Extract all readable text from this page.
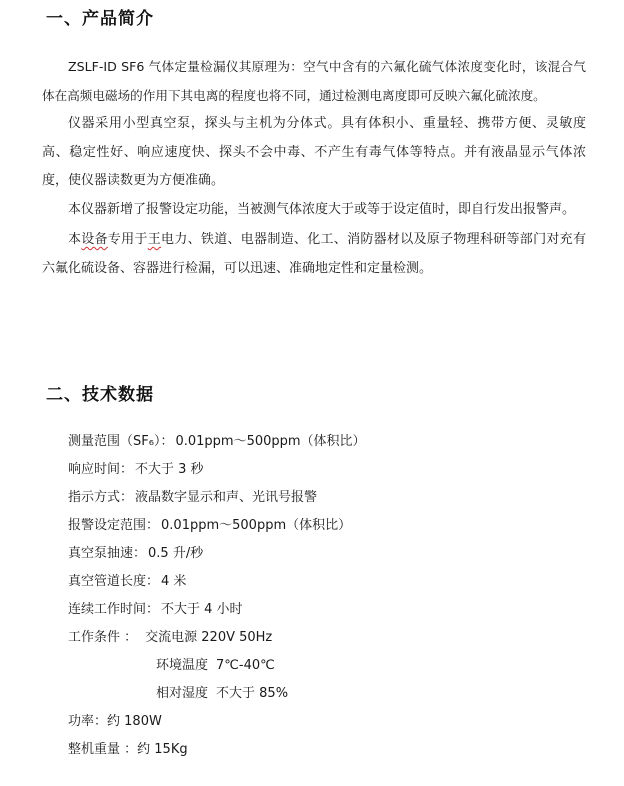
一、产品简介

ZSLF-ID SF6 气体定量检漏仪其原理为：空气中含有的六氟化硫气体浓度变化时，该混合气体在高频电磁场的作用下其电离的程度也将不同，通过检测电离度即可反映六氟化硫浓度。

仪器采用小型真空泵，探头与主机为分体式。具有体积小、重量轻、携带方便、灵敏度高、稳定性好、响应速度快、探头不会中毒、不产生有毒气体等特点。并有液晶显示气体浓度，使仪器读数更为方便准确。

本仪器新增了报警设定功能，当被测气体浓度大于或等于设定值时，即自行发出报警声。

本设备专用于王电力、铁道、电器制造、化工、消防器材以及原子物理科研等部门对充有六氟化硫设备、容器进行检漏，可以迅速、准确地定性和定量检测。

二、技术数据
测量范围（SF₆）： 0.01ppm～500ppm（体积比）
响应时间： 不大于 3 秒
指示方式： 液晶数字显示和声、光讯号报警
报警设定范围： 0.01ppm～500ppm（体积比）
真空泵抽速： 0.5 升/秒
真空管道长度： 4 米
连续工作时间： 不大于 4 小时
工作条件 ： 交流电源 220V 50Hz
环境温度 7℃-40℃
相对湿度 不大于 85%
功率：约 180W
整机重量 ：约 15Kg
